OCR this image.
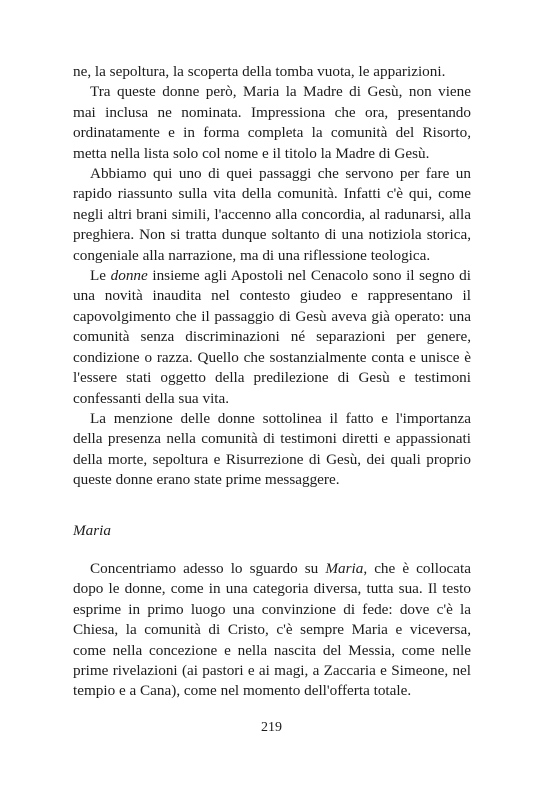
ne, la sepoltura, la scoperta della tomba vuota, le apparizioni.

Tra queste donne però, Maria la Madre di Gesù, non viene mai inclusa ne nominata. Impressiona che ora, presentando ordinatamente e in forma completa la comunità del Risorto, metta nella lista solo col nome e il titolo la Madre di Gesù.

Abbiamo qui uno di quei passaggi che servono per fare un rapido riassunto sulla vita della comunità. Infatti c'è qui, come negli altri brani simili, l'accenno alla concordia, al radunarsi, alla preghiera. Non si tratta dunque soltanto di una notiziola storica, congeniale alla narrazione, ma di una riflessione teologica.

Le donne insieme agli Apostoli nel Cenacolo sono il segno di una novità inaudita nel contesto giudeo e rappresentano il capovolgimento che il passaggio di Gesù aveva già operato: una comunità senza discriminazioni né separazioni per genere, condizione o razza. Quello che sostanzialmente conta e unisce è l'essere stati oggetto della predilezione di Gesù e testimoni confessanti della sua vita.

La menzione delle donne sottolinea il fatto e l'importanza della presenza nella comunità di testimoni diretti e appassionati della morte, sepoltura e Risurrezione di Gesù, dei quali proprio queste donne erano state prime messaggere.

Maria

Concentriamo adesso lo sguardo su Maria, che è collocata dopo le donne, come in una categoria diversa, tutta sua. Il testo esprime in primo luogo una convinzione di fede: dove c'è la Chiesa, la comunità di Cristo, c'è sempre Maria e viceversa, come nella concezione e nella nascita del Messia, come nelle prime rivelazioni (ai pastori e ai magi, a Zaccaria e Simeone, nel tempio e a Cana), come nel momento dell'offerta totale.

219
